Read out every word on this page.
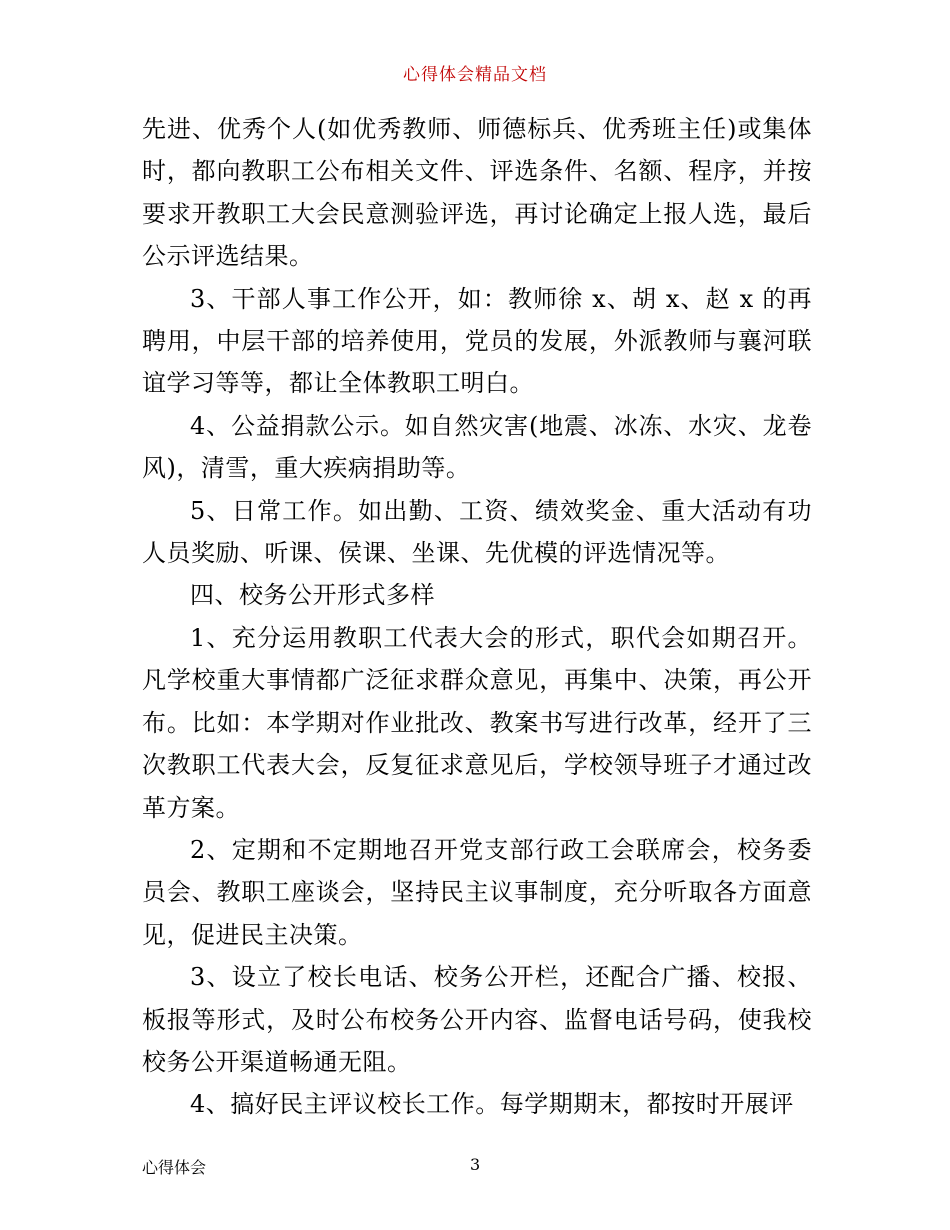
心得体会精品文档

先进、优秀个人(如优秀教师、师德标兵、优秀班主任)或集体时，都向教职工公布相关文件、评选条件、名额、程序，并按要求开教职工大会民意测验评选，再讨论确定上报人选，最后公示评选结果。

3、干部人事工作公开，如：教师徐 x、胡 x、赵 x 的再聘用，中层干部的培养使用，党员的发展，外派教师与襄河联谊学习等等，都让全体教职工明白。

4、公益捐款公示。如自然灾害(地震、冰冻、水灾、龙卷风)，清雪，重大疾病捐助等。

5、日常工作。如出勤、工资、绩效奖金、重大活动有功人员奖励、听课、侯课、坐课、先优模的评选情况等。

四、校务公开形式多样

1、充分运用教职工代表大会的形式，职代会如期召开。凡学校重大事情都广泛征求群众意见，再集中、决策，再公开布。比如：本学期对作业批改、教案书写进行改革，经开了三次教职工代表大会，反复征求意见后，学校领导班子才通过改革方案。

2、定期和不定期地召开党支部行政工会联席会，校务委员会、教职工座谈会，坚持民主议事制度，充分听取各方面意见，促进民主决策。

3、设立了校长电话、校务公开栏，还配合广播、校报、板报等形式，及时公布校务公开内容、监督电话号码，使我校校务公开渠道畅通无阻。

4、搞好民主评议校长工作。每学期期末，都按时开展评

心得体会	3
